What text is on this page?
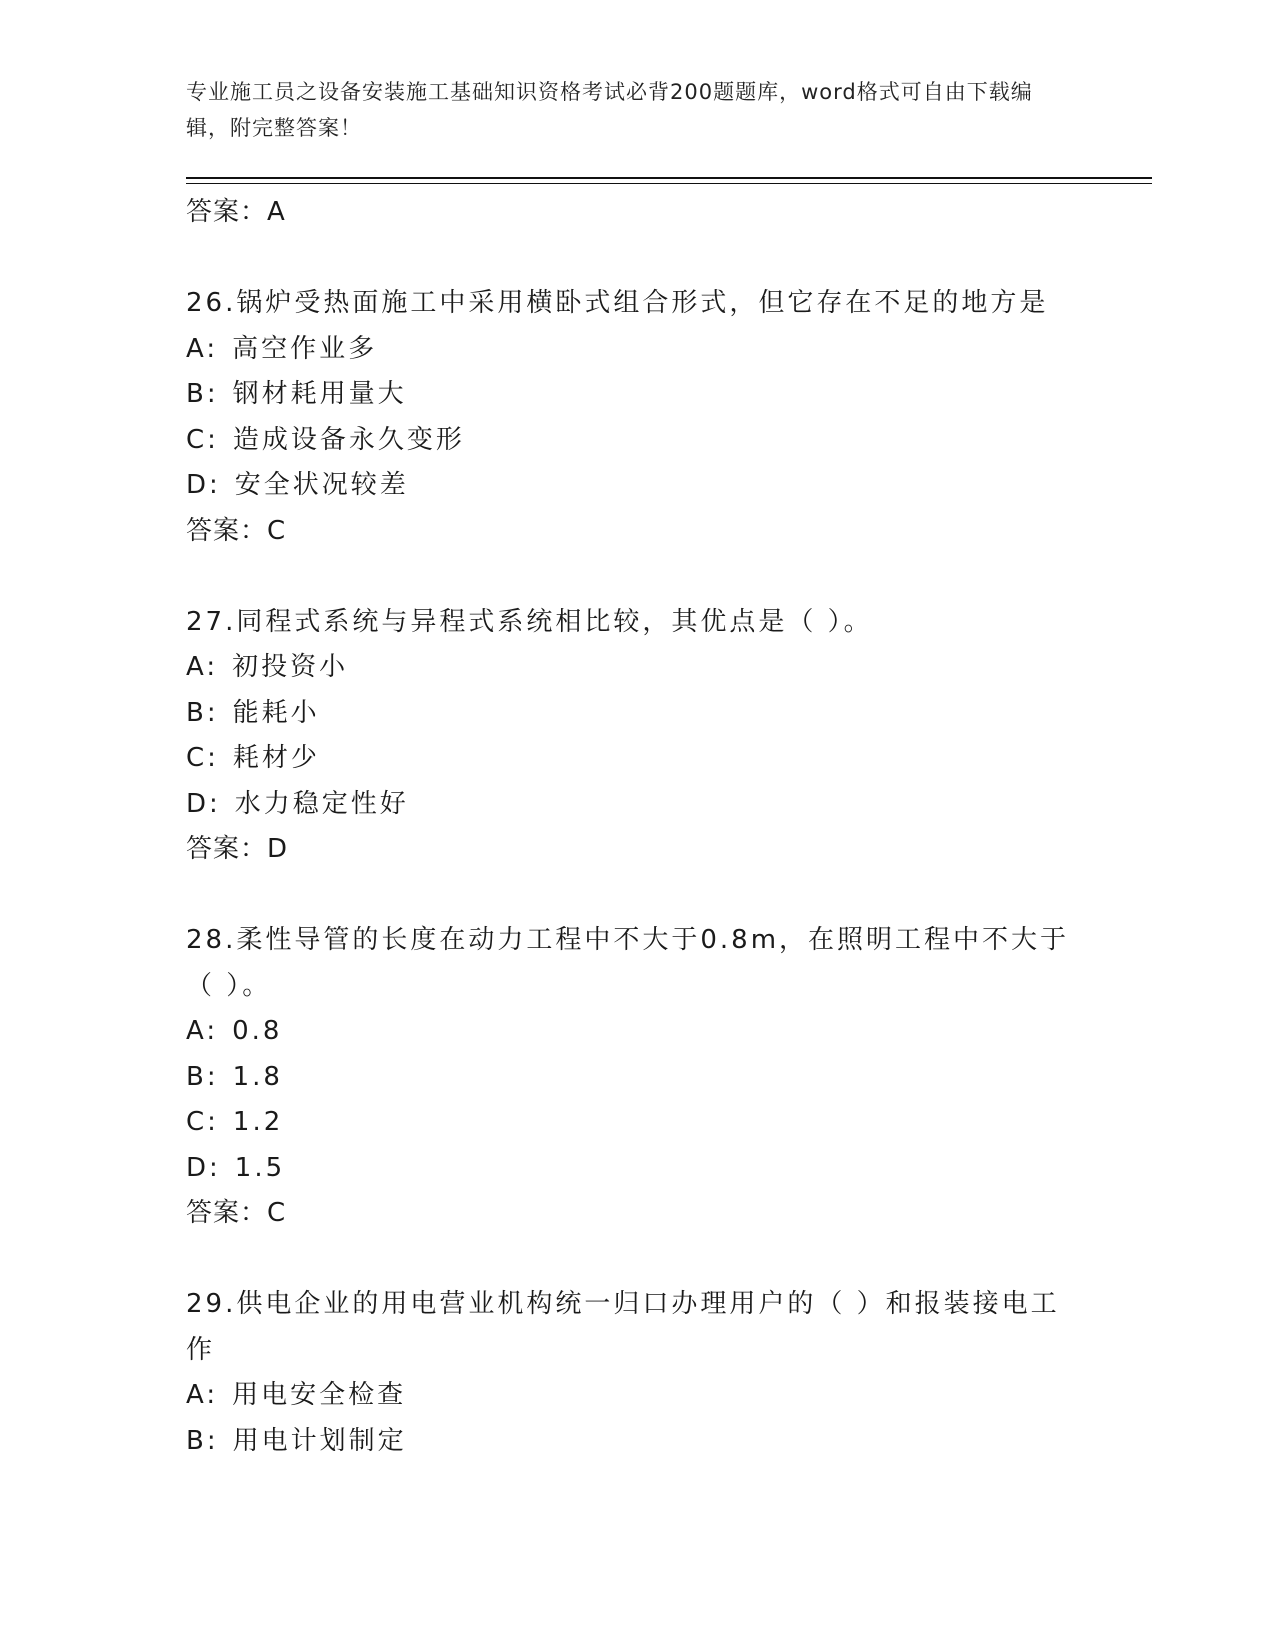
专业施工员之设备安装施工基础知识资格考试必背200题题库，word格式可自由下载编辑，附完整答案！
答案：A
26.锅炉受热面施工中采用横卧式组合形式，但它存在不足的地方是
A: 高空作业多
B: 钢材耗用量大
C: 造成设备永久变形
D: 安全状况较差
答案：C
27.同程式系统与异程式系统相比较，其优点是（ ）。
A: 初投资小
B: 能耗小
C: 耗材少
D: 水力稳定性好
答案：D
28.柔性导管的长度在动力工程中不大于0.8m，在照明工程中不大于（ ）。
A: 0.8
B: 1.8
C: 1.2
D: 1.5
答案：C
29.供电企业的用电营业机构统一归口办理用户的（ ）和报装接电工作
A: 用电安全检查
B: 用电计划制定
